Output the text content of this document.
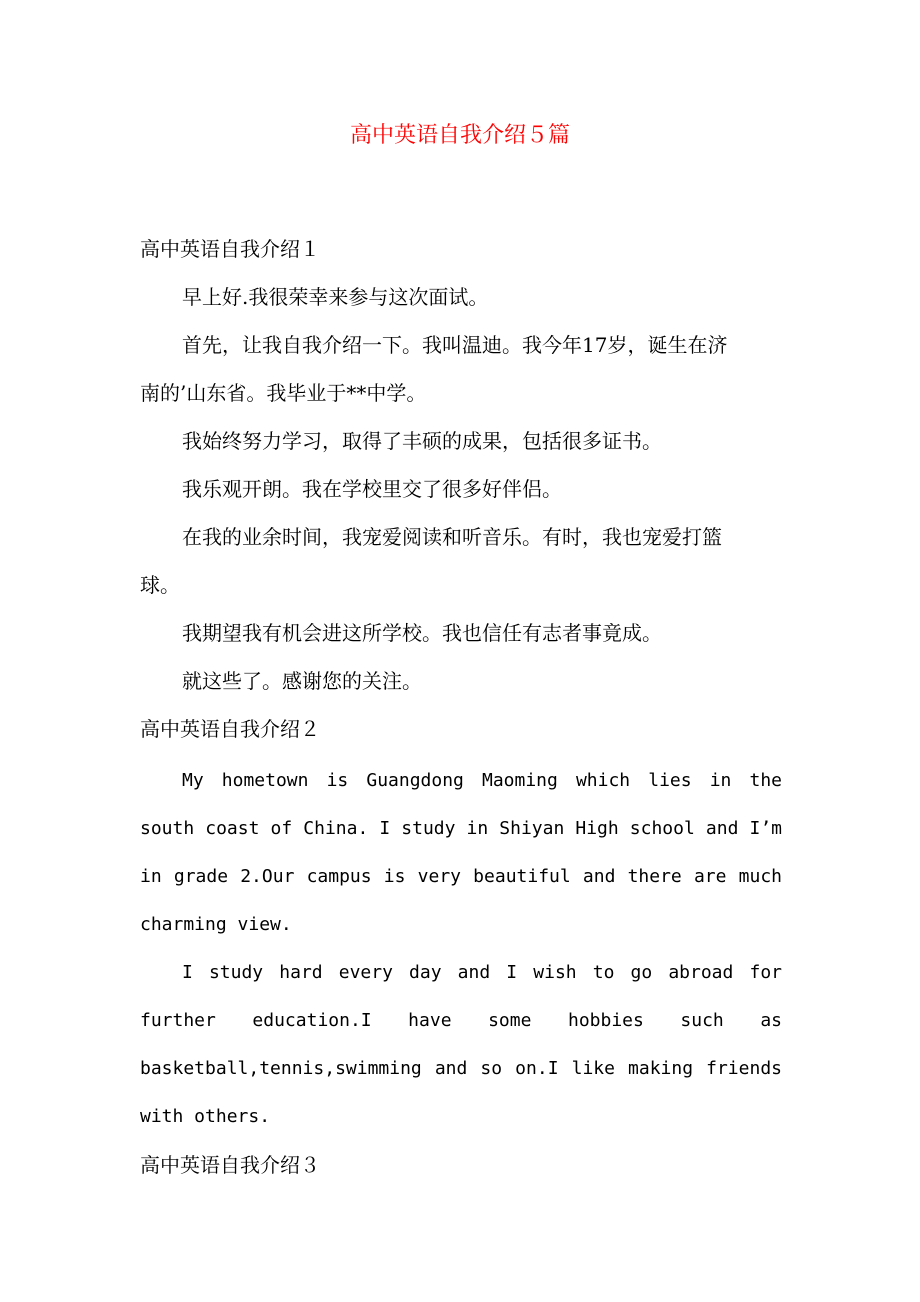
高中英语自我介绍５篇
高中英语自我介绍１
早上好.我很荣幸来参与这次面试。
首先，让我自我介绍一下。我叫温迪。我今年17岁，诞生在济
南的’山东省。我毕业于**中学。
我始终努力学习，取得了丰硕的成果，包括很多证书。
我乐观开朗。我在学校里交了很多好伴侣。
在我的业余时间，我宠爱阅读和听音乐。有时，我也宠爱打篮
球。
我期望我有机会进这所学校。我也信任有志者事竟成。
就这些了。感谢您的关注。
高中英语自我介绍２
My hometown is Guangdong Maoming which lies in the
south coast of China. I study in Shiyan High school and I’m
in grade 2.Our campus is very beautiful and there are much
charming view.
I study hard every day and I wish to go abroad for
further education.I have some hobbies such as
basketball,tennis,swimming and so on.I like making friends
with others.
高中英语自我介绍３
